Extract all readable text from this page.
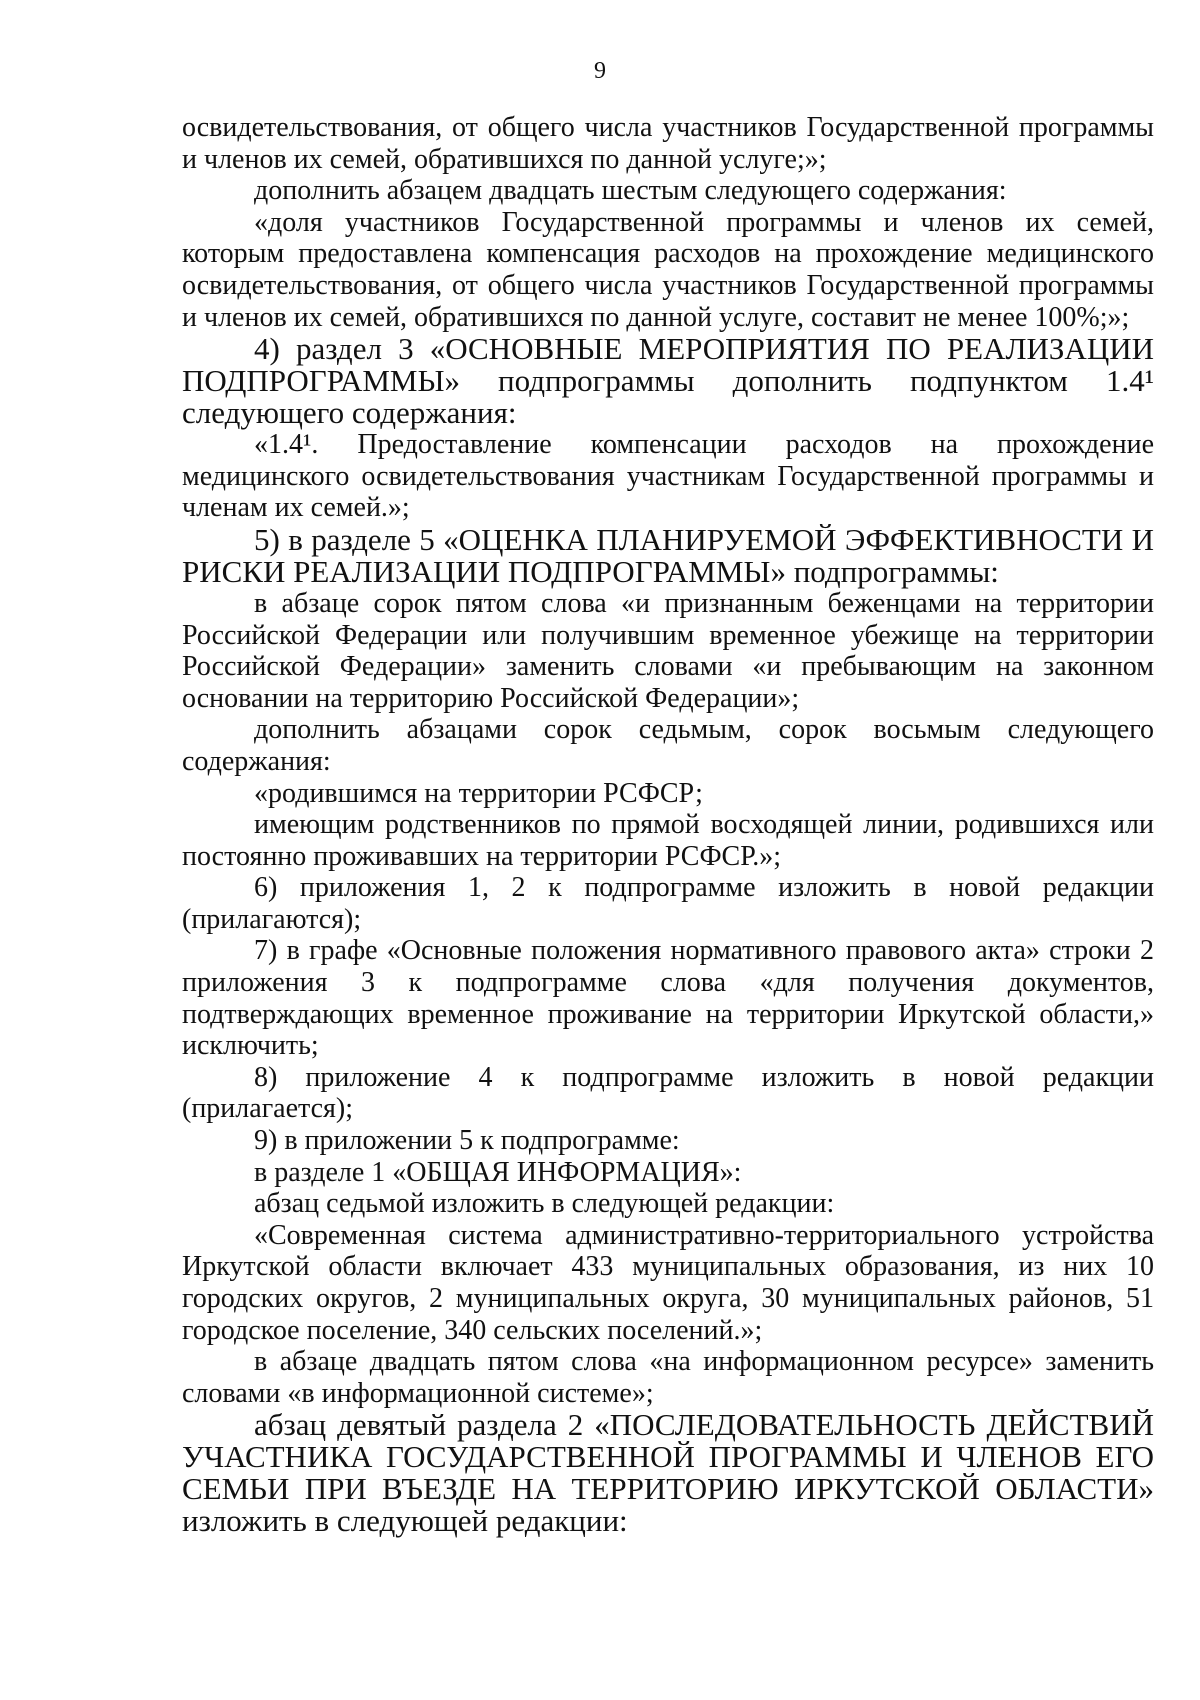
9

освидетельствования, от общего числа участников Государственной программы и членов их семей, обратившихся по данной услуге;»;

дополнить абзацем двадцать шестым следующего содержания:

«доля участников Государственной программы и членов их семей, которым предоставлена компенсация расходов на прохождение медицинского освидетельствования, от общего числа участников Государственной программы и членов их семей, обратившихся по данной услуге, составит не менее 100%;»;

4) раздел 3 «ОСНОВНЫЕ МЕРОПРИЯТИЯ ПО РЕАЛИЗАЦИИ ПОДПРОГРАММЫ» подпрограммы дополнить подпунктом 1.4¹ следующего содержания:

«1.4¹. Предоставление компенсации расходов на прохождение медицинского освидетельствования участникам Государственной программы и членам их семей.»;

5) в разделе 5 «ОЦЕНКА ПЛАНИРУЕМОЙ ЭФФЕКТИВНОСТИ И РИСКИ РЕАЛИЗАЦИИ ПОДПРОГРАММЫ» подпрограммы:

в абзаце сорок пятом слова «и признанным беженцами на территории Российской Федерации или получившим временное убежище на территории Российской Федерации» заменить словами «и пребывающим на законном основании на территорию Российской Федерации»;

дополнить абзацами сорок седьмым, сорок восьмым следующего содержания:

«родившимся на территории РСФСР;

имеющим родственников по прямой восходящей линии, родившихся или постоянно проживавших на территории РСФСР.»;

6) приложения 1, 2 к подпрограмме изложить в новой редакции (прилагаются);

7) в графе «Основные положения нормативного правового акта» строки 2 приложения 3 к подпрограмме слова «для получения документов, подтверждающих временное проживание на территории Иркутской области,» исключить;

8) приложение 4 к подпрограмме изложить в новой редакции (прилагается);

9) в приложении 5 к подпрограмме:

в разделе 1 «ОБЩАЯ ИНФОРМАЦИЯ»:

абзац седьмой изложить в следующей редакции:

«Современная система административно-территориального устройства Иркутской области включает 433 муниципальных образования, из них 10 городских округов, 2 муниципальных округа, 30 муниципальных районов, 51 городское поселение, 340 сельских поселений.»;

в абзаце двадцать пятом слова «на информационном ресурсе» заменить словами «в информационной системе»;

абзац девятый раздела 2 «ПОСЛЕДОВАТЕЛЬНОСТЬ ДЕЙСТВИЙ УЧАСТНИКА ГОСУДАРСТВЕННОЙ ПРОГРАММЫ И ЧЛЕНОВ ЕГО СЕМЬИ ПРИ ВЪЕЗДЕ НА ТЕРРИТОРИЮ ИРКУТСКОЙ ОБЛАСТИ» изложить в следующей редакции:
